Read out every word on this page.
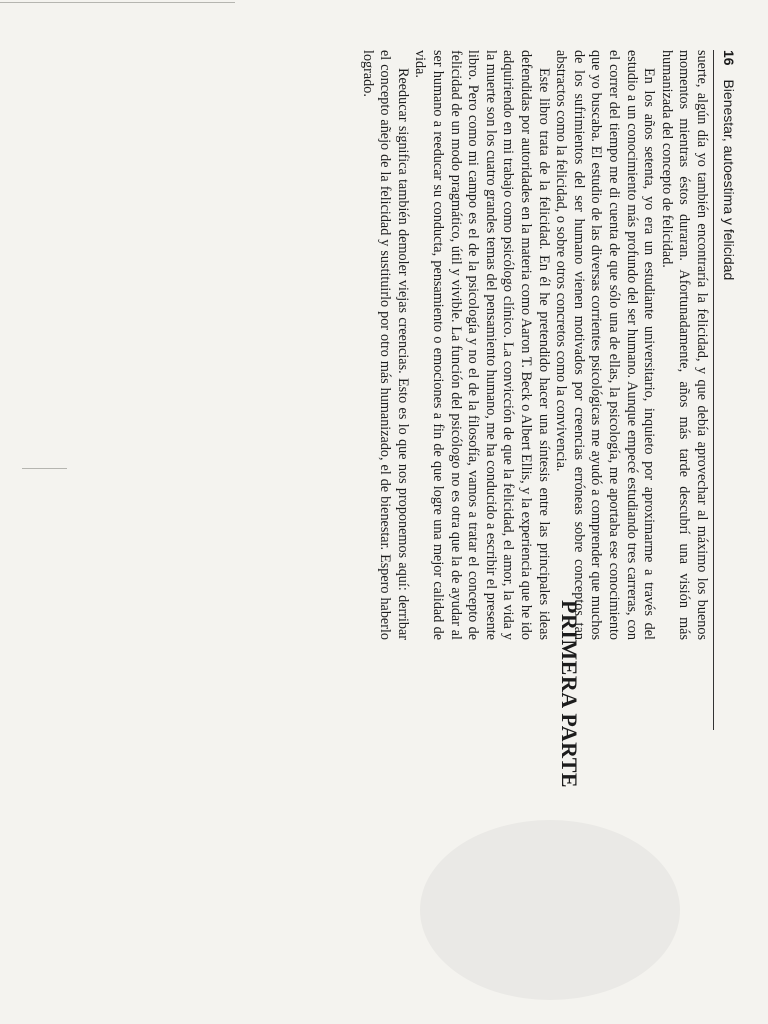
16 Bienestar, autoestima y felicidad

suerte, algún día yo también encontraría la felicidad, y que debía aprovechar al máximo los buenos momentos mientras éstos duraran. Afortunadamente, años más tarde descubrí una visión más humanizada del concepto de felicidad.

En los años setenta, yo era un estudiante universitario, inquieto por aproximarme a través del estudio a un conocimiento más profundo del ser humano. Aunque empecé estudiando tres carreras, con el correr del tiempo me di cuenta de que sólo una de ellas, la psicología, me aportaba ese conocimiento que yo buscaba. El estudio de las diversas corrientes psicológicas me ayudó a comprender que muchos de los sufrimientos del ser humano vienen motivados por creencias erróneas sobre conceptos tan abstractos como la felicidad, o sobre otros concretos como la convivencia.

Este libro trata de la felicidad. En él he pretendido hacer una síntesis entre las principales ideas defendidas por autoridades en la materia como Aaron T. Beck o Albert Ellis, y la experiencia que he ido adquiriendo en mi trabajo como psicólogo clínico. La convicción de que la felicidad, el amor, la vida y la muerte son los cuatro grandes temas del pensamiento humano, me ha conducido a escribir el presente libro. Pero como mi campo es el de la psicología y no el de la filosofía, vamos a tratar el concepto de felicidad de un modo pragmático, útil y vivible. La función del psicólogo no es otra que la de ayudar al ser humano a reeducar su conducta, pensamiento o emociones a fin de que logre una mejor calidad de vida.

Reeducar significa también demoler viejas creencias. Esto es lo que nos proponemos aquí: derribar el concepto añejo de la felicidad y sustituirlo por otro más humanizado, el de bienestar. Espero haberlo logrado.

PRIMERA PARTE
